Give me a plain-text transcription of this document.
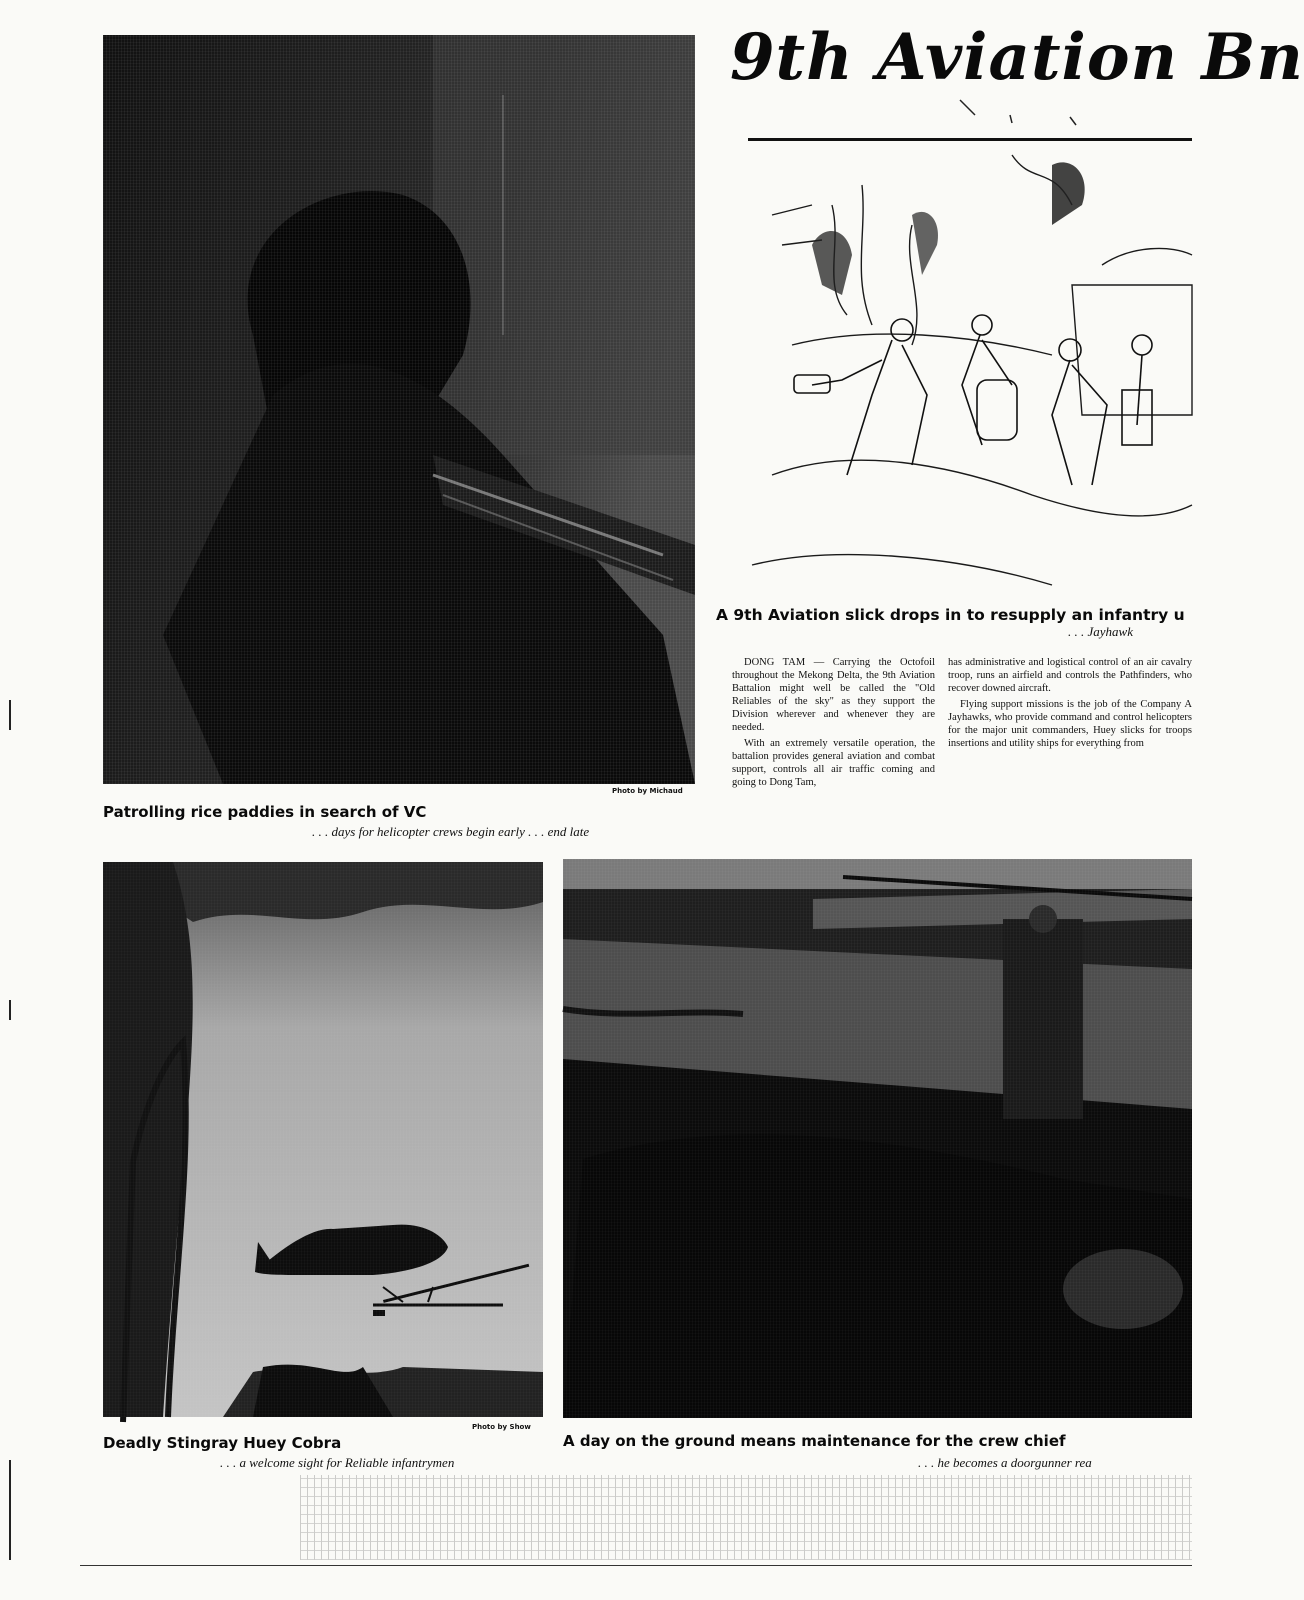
9th Aviation Bn
Photo by Michaud
Patrolling rice paddies in search of VC
. . . days for helicopter crews begin early . . . end late
A 9th Aviation slick drops in to resupply an infantry u
. . . Jayhawk

DONG TAM — Carrying the Octofoil throughout the Mekong Delta, the 9th Aviation Battalion might well be called the "Old Reliables of the sky" as they support the Division wherever and whenever they are needed.

With an extremely versatile operation, the battalion provides general aviation and combat support, controls all air traffic coming and going to Dong Tam,

has administrative and logistical control of an air cavalry troop, runs an airfield and controls the Pathfinders, who recover downed aircraft.

Flying support missions is the job of the Company A Jayhawks, who provide command and control helicopters for the major unit commanders, Huey slicks for troops insertions and utility ships for everything from

Photo by Show
Deadly Stingray Huey Cobra
. . . a welcome sight for Reliable infantrymen
A day on the ground means maintenance for the crew chief
. . . he becomes a doorgunner rea
